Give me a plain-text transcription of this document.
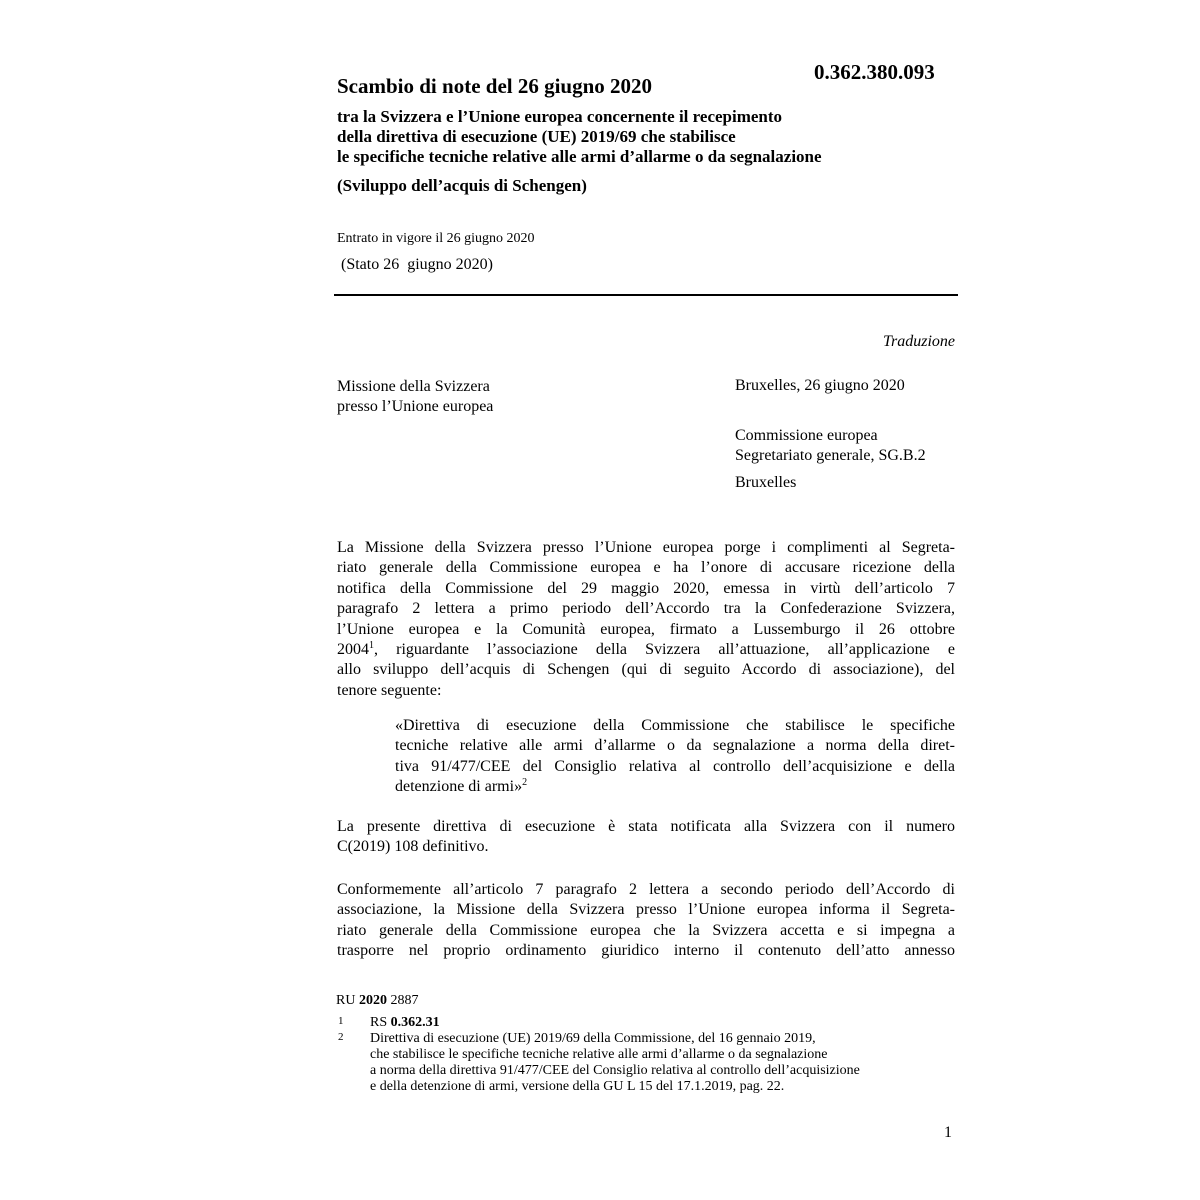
0.362.380.093
Scambio di note del 26 giugno 2020
tra la Svizzera e l’Unione europea concernente il recepimento
della direttiva di esecuzione (UE) 2019/69 che stabilisce
le specifiche tecniche relative alle armi d’allarme o da segnalazione
(Sviluppo dell’acquis di Schengen)
Entrato in vigore il 26 giugno 2020
(Stato 26  giugno 2020)
Traduzione
Missione della Svizzera
presso l’Unione europea
Bruxelles, 26 giugno 2020
Commissione europea
Segretariato generale, SG.B.2
Bruxelles
La Missione della Svizzera presso l’Unione europea porge i complimenti al Segreta-
riato generale della Commissione europea e ha l’onore di accusare ricezione della
notifica della Commissione del 29 maggio 2020, emessa in virtù dell’articolo 7
paragrafo 2 lettera a primo periodo dell’Accordo tra la Confederazione Svizzera,
l’Unione europea e la Comunità europea, firmato a Lussemburgo il 26 ottobre
2004$^1$, riguardante l’associazione della Svizzera all’attuazione, all’applicazione e
allo sviluppo dell’acquis di Schengen (qui di seguito Accordo di associazione), del
tenore seguente:
«Direttiva di esecuzione della Commissione che stabilisce le specifiche
tecniche relative alle armi d’allarme o da segnalazione a norma della diret-
tiva 91/477/CEE del Consiglio relativa al controllo dell’acquisizione e della
detenzione di armi»$^2$
La presente direttiva di esecuzione è stata notificata alla Svizzera con il numero
C(2019) 108 definitivo.
Conformemente all’articolo 7 paragrafo 2 lettera a secondo periodo dell’Accordo di
associazione, la Missione della Svizzera presso l’Unione europea informa il Segreta-
riato generale della Commissione europea che la Svizzera accetta e si impegna a
trasporre nel proprio ordinamento giuridico interno il contenuto dell’atto annesso
RU 2020 2887
1 RS 0.362.31
2 Direttiva di esecuzione (UE) 2019/69 della Commissione, del 16 gennaio 2019,
che stabilisce le specifiche tecniche relative alle armi d’allarme o da segnalazione
a norma della direttiva 91/477/CEE del Consiglio relativa al controllo dell’acquisizione
e della detenzione di armi, versione della GU L 15 del 17.1.2019, pag. 22.
1
